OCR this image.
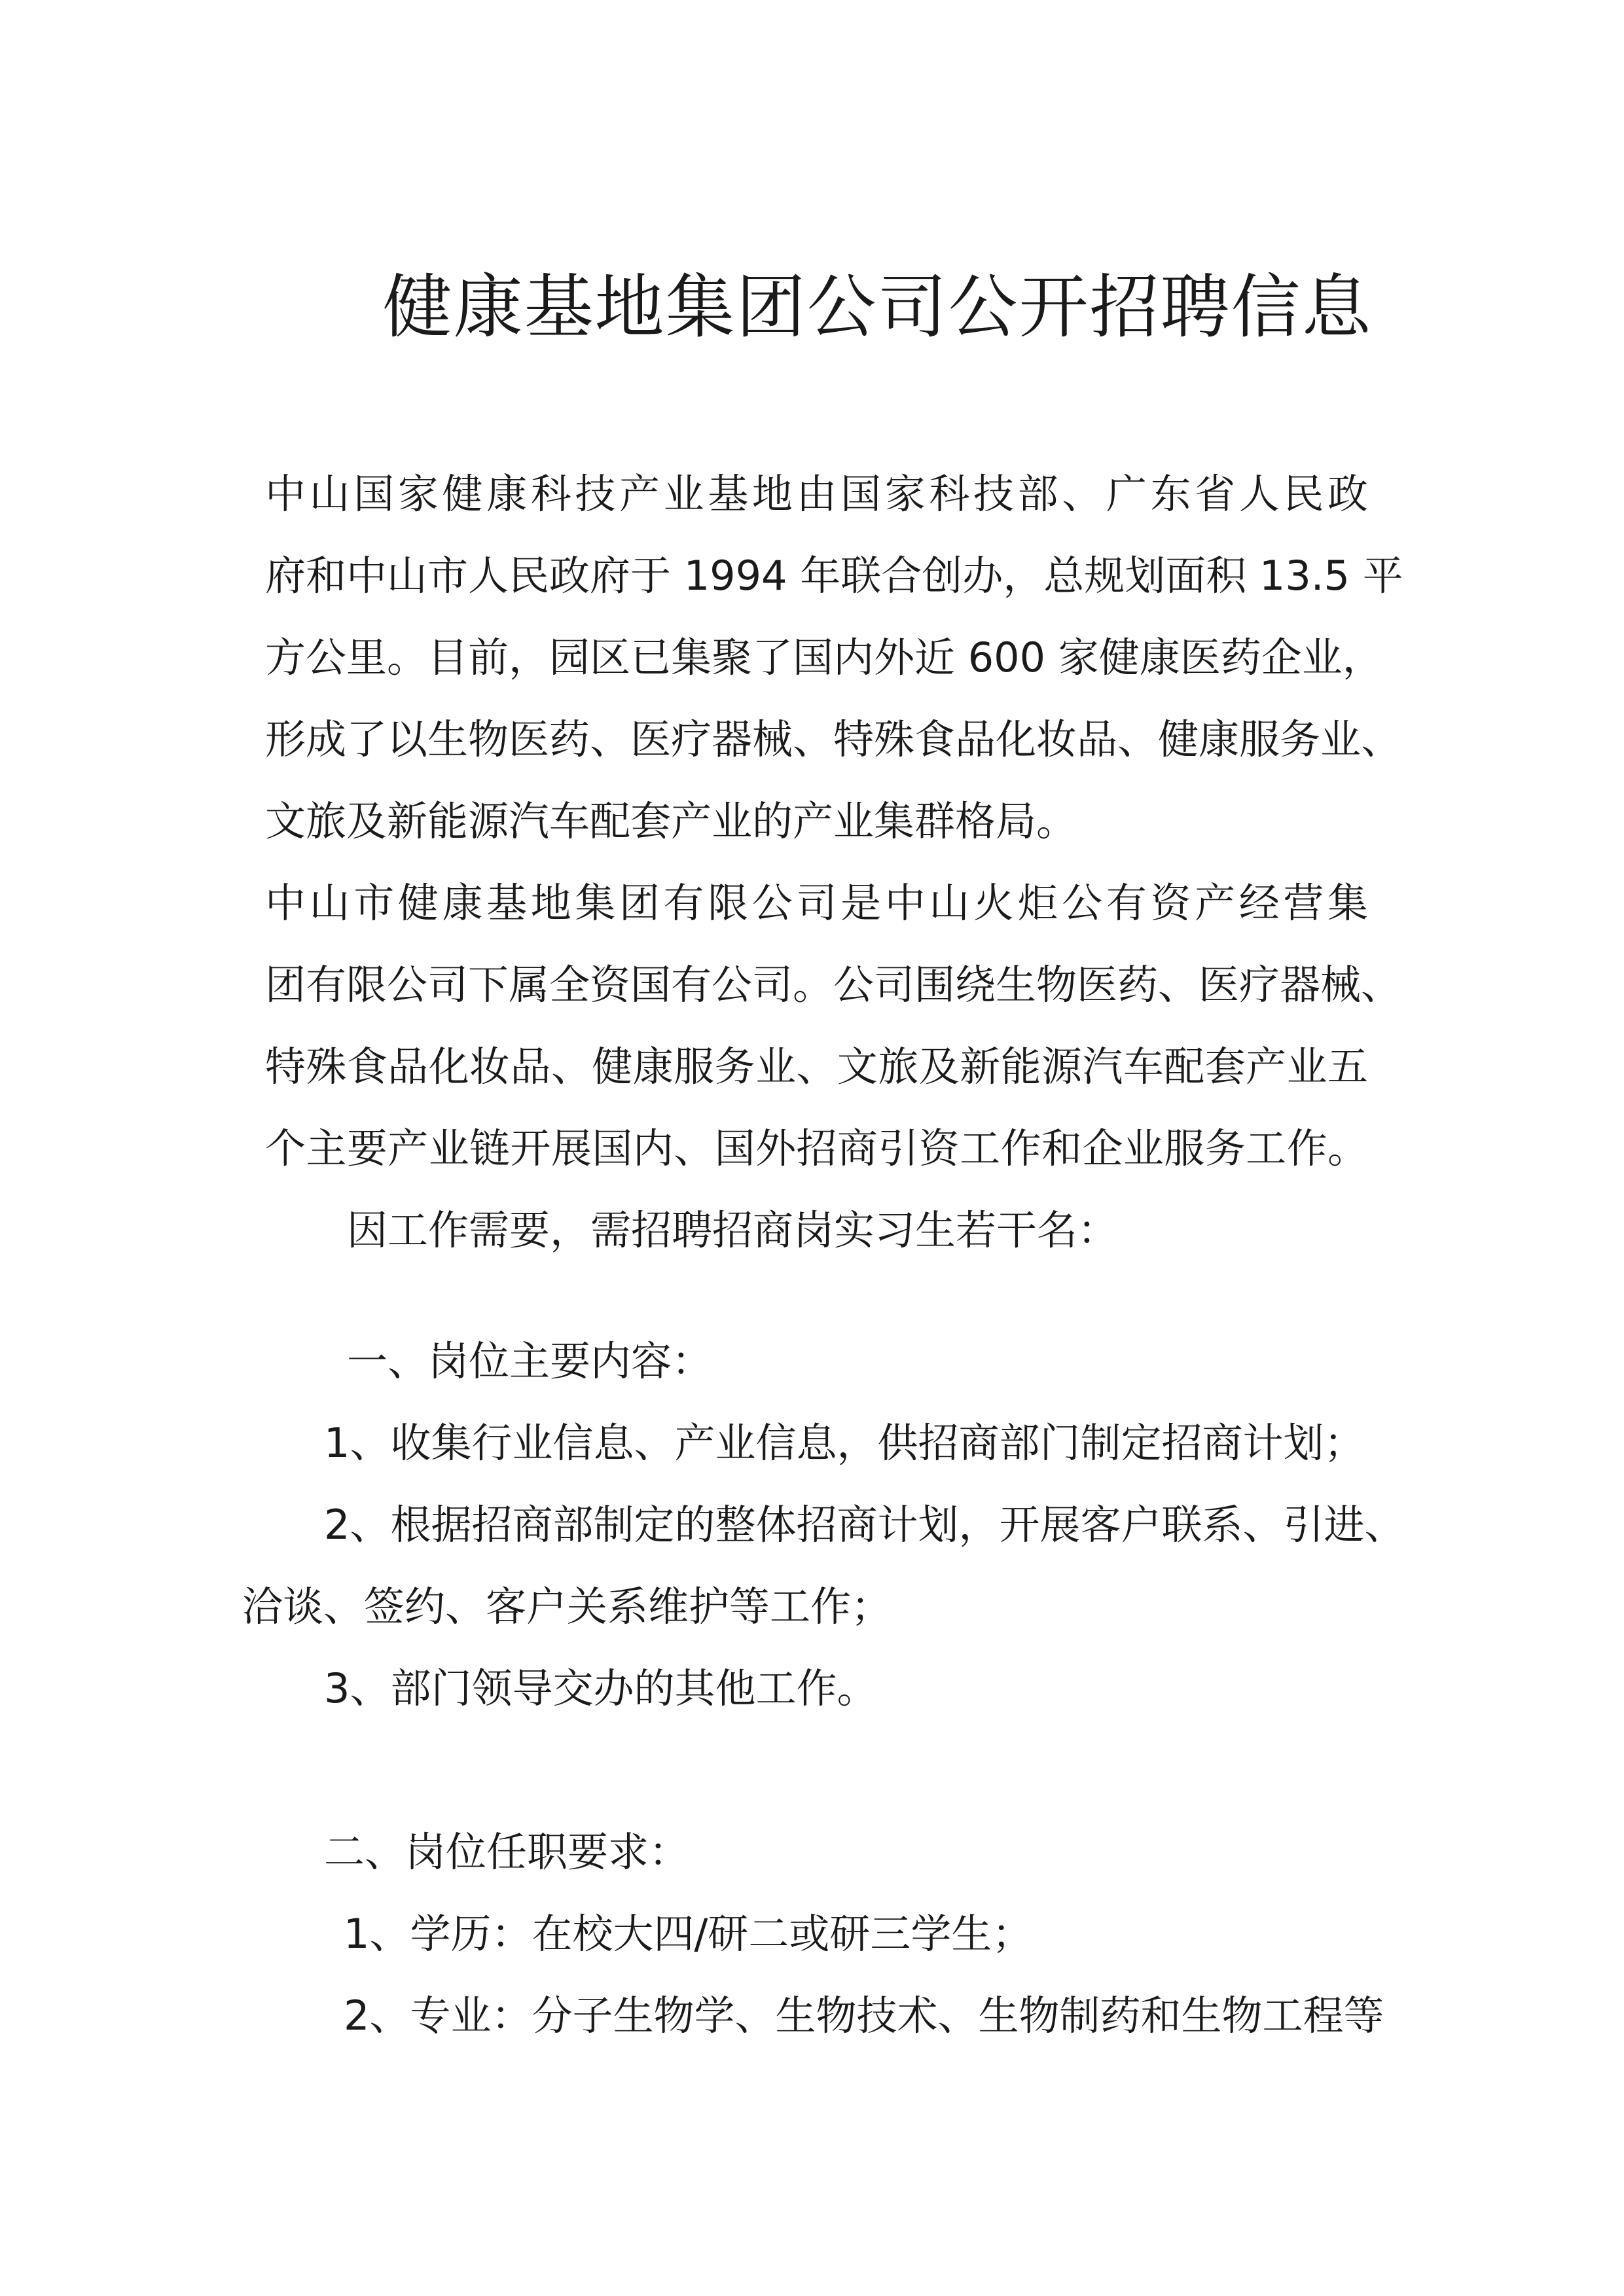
健康基地集团公司公开招聘信息
中山国家健康科技产业基地由国家科技部、广东省人民政
府和中山市人民政府于 1994 年联合创办，总规划面积 13.5 平
方公里。目前，园区已集聚了国内外近 600 家健康医药企业，
形成了以生物医药、医疗器械、特殊食品化妆品、健康服务业、
文旅及新能源汽车配套产业的产业集群格局。
中山市健康基地集团有限公司是中山火炬公有资产经营集
团有限公司下属全资国有公司。公司围绕生物医药、医疗器械、
特殊食品化妆品、健康服务业、文旅及新能源汽车配套产业五
个主要产业链开展国内、国外招商引资工作和企业服务工作。
因工作需要，需招聘招商岗实习生若干名：
一、岗位主要内容：
1、收集行业信息、产业信息，供招商部门制定招商计划；
2、根据招商部制定的整体招商计划，开展客户联系、引进、
洽谈、签约、客户关系维护等工作；
3、部门领导交办的其他工作。
二、岗位任职要求：
1、学历：在校大四/研二或研三学生；
2、专业：分子生物学、生物技术、生物制药和生物工程等
